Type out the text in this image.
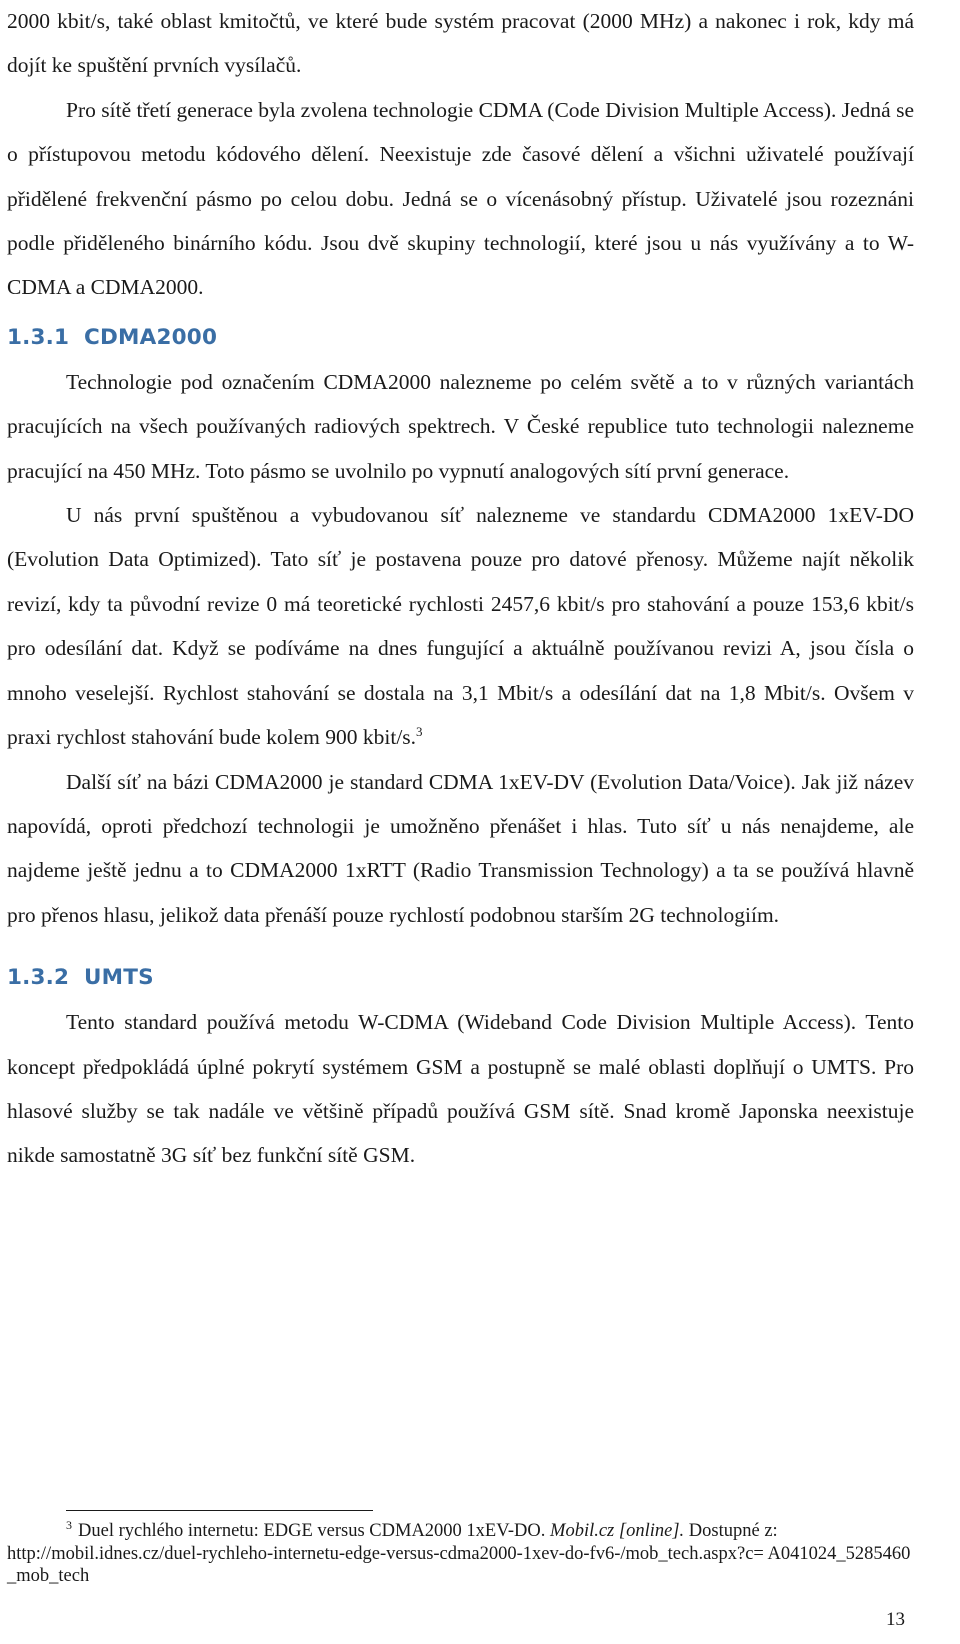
2000 kbit/s, také oblast kmitočtů, ve které bude systém pracovat (2000 MHz) a nakonec i rok, kdy má dojít ke spuštění prvních vysílačů.

Pro sítě třetí generace byla zvolena technologie CDMA (Code Division Multiple Access). Jedná se o přístupovou metodu kódového dělení. Neexistuje zde časové dělení a všichni uživatelé používají přidělené frekvenční pásmo po celou dobu. Jedná se o vícenásobný přístup. Uživatelé jsou rozeznáni podle přiděleného binárního kódu. Jsou dvě skupiny technologií, které jsou u nás využívány a to W-CDMA a CDMA2000.

1.3.1 CDMA2000

Technologie pod označením CDMA2000 nalezneme po celém světě a to v různých variantách pracujících na všech používaných radiových spektrech. V České republice tuto technologii nalezneme pracující na 450 MHz. Toto pásmo se uvolnilo po vypnutí analogových sítí první generace.

U nás první spuštěnou a vybudovanou síť nalezneme ve standardu CDMA2000 1xEV-DO (Evolution Data Optimized). Tato síť je postavena pouze pro datové přenosy. Můžeme najít několik revizí, kdy ta původní revize 0 má teoretické rychlosti 2457,6 kbit/s pro stahování a pouze 153,6 kbit/s pro odesílání dat. Když se podíváme na dnes fungující a aktuálně používanou revizi A, jsou čísla o mnoho veselejší. Rychlost stahování se dostala na 3,1 Mbit/s a odesílání dat na 1,8 Mbit/s. Ovšem v praxi rychlost stahování bude kolem 900 kbit/s.$^3$

Další síť na bázi CDMA2000 je standard CDMA 1xEV-DV (Evolution Data/Voice). Jak již název napovídá, oproti předchozí technologii je umožněno přenášet i hlas. Tuto síť u nás nenajdeme, ale najdeme ještě jednu a to CDMA2000 1xRTT (Radio Transmission Technology) a ta se používá hlavně pro přenos hlasu, jelikož data přenáší pouze rychlostí podobnou starším 2G technologiím.

1.3.2 UMTS

Tento standard používá metodu W-CDMA (Wideband Code Division Multiple Access). Tento koncept předpokládá úplné pokrytí systémem GSM a postupně se malé oblasti doplňují o UMTS. Pro hlasové služby se tak nadále ve většině případů používá GSM sítě. Snad kromě Japonska neexistuje nikde samostatně 3G síť bez funkční sítě GSM.

$^3$ Duel rychlého internetu: EDGE versus CDMA2000 1xEV-DO. Mobil.cz [online]. Dostupné z:
http://mobil.idnes.cz/duel-rychleho-internetu-edge-versus-cdma2000-1xev-do-fv6-/mob_tech.aspx?c= A041024_5285460_mob_tech
13
